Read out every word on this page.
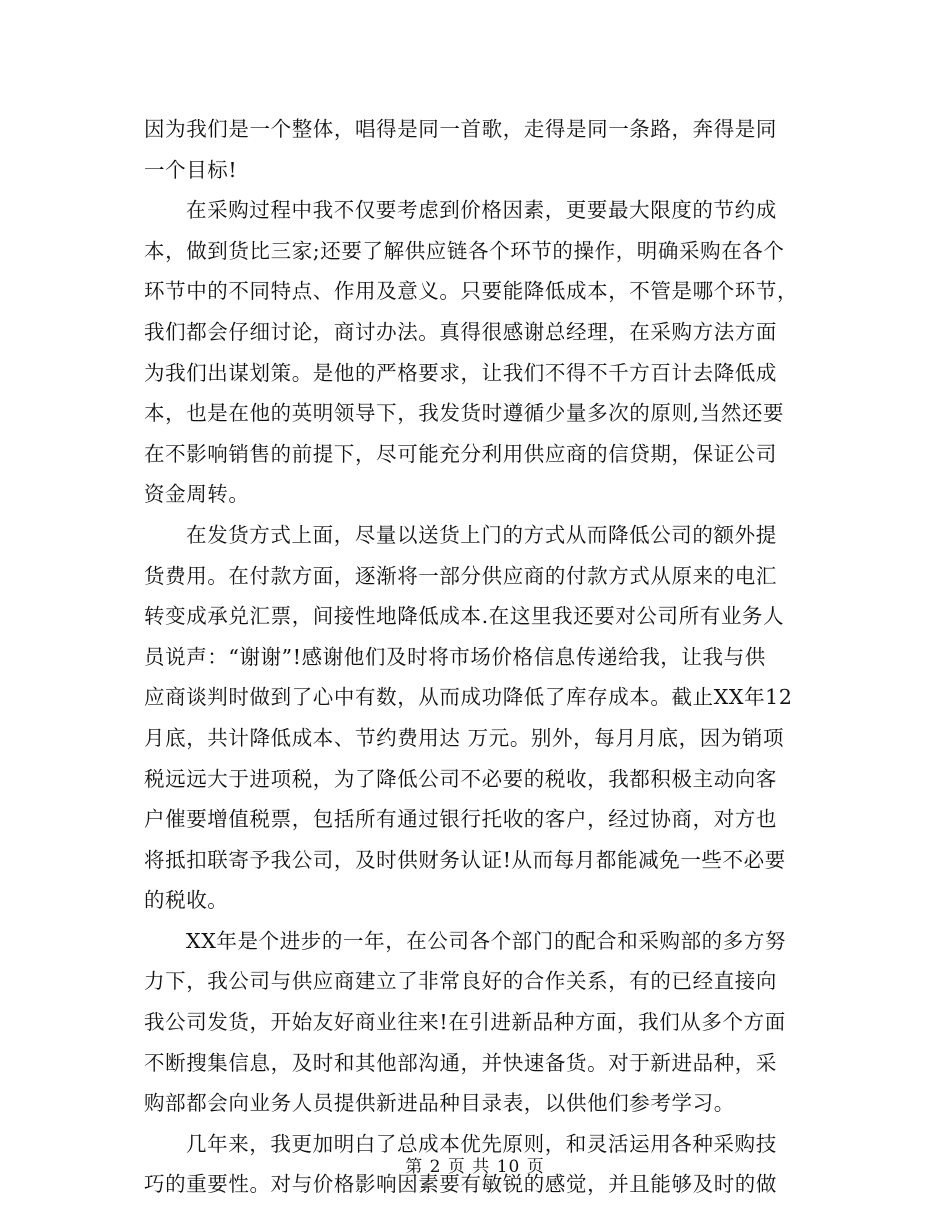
因为我们是一个整体，唱得是同一首歌，走得是同一条路，奔得是同
一个目标!
在采购过程中我不仅要考虑到价格因素，更要最大限度的节约成
本，做到货比三家;还要了解供应链各个环节的操作，明确采购在各个
环节中的不同特点、作用及意义。只要能降低成本，不管是哪个环节，
我们都会仔细讨论，商讨办法。真得很感谢总经理，在采购方法方面
为我们出谋划策。是他的严格要求，让我们不得不千方百计去降低成
本，也是在他的英明领导下，我发货时遵循少量多次的原则,当然还要
在不影响销售的前提下，尽可能充分利用供应商的信贷期，保证公司
资金周转。
在发货方式上面，尽量以送货上门的方式从而降低公司的额外提
货费用。在付款方面，逐渐将一部分供应商的付款方式从原来的电汇
转变成承兑汇票，间接性地降低成本.在这里我还要对公司所有业务人
员说声：“谢谢”!感谢他们及时将市场价格信息传递给我，让我与供
应商谈判时做到了心中有数，从而成功降低了库存成本。截止XX年12
月底，共计降低成本、节约费用达 万元。别外，每月月底，因为销项
税远远大于进项税，为了降低公司不必要的税收，我都积极主动向客
户催要增值税票，包括所有通过银行托收的客户，经过协商，对方也
将抵扣联寄予我公司，及时供财务认证!从而每月都能减免一些不必要
的税收。
XX年是个进步的一年，在公司各个部门的配合和采购部的多方努
力下，我公司与供应商建立了非常良好的合作关系，有的已经直接向
我公司发货，开始友好商业往来!在引进新品种方面，我们从多个方面
不断搜集信息，及时和其他部沟通，并快速备货。对于新进品种，采
购部都会向业务人员提供新进品种目录表，以供他们参考学习。
几年来，我更加明白了总成本优先原则，和灵活运用各种采购技
巧的重要性。对与价格影响因素要有敏锐的感觉，并且能够及时的做
第 2 页 共 10 页
